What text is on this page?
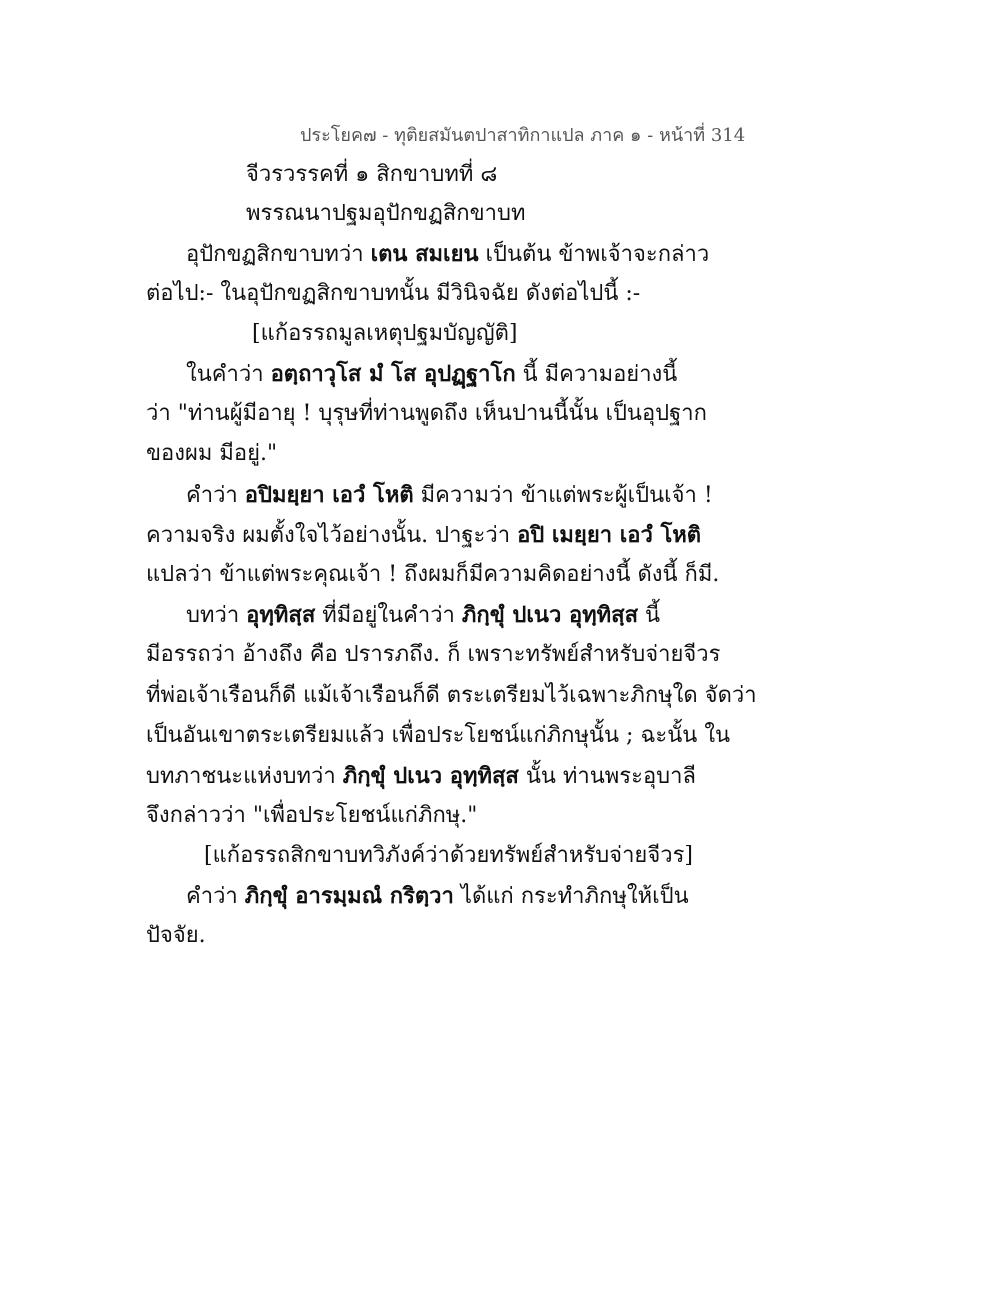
ประโยค๗ - ทุติยสมันตปาสาทิกาแปล ภาค ๑ - หน้าที่ 314
จีวรวรรคที่ ๑ สิกขาบทที่ ๘
พรรณนาปฐมอุปักขฏสิกขาบท
อุปักขฏสิกขาบทว่า เตน สมเยน เป็นต้น ข้าพเจ้าจะกล่าว
ต่อไป:- ในอุปักขฏสิกขาบทนั้น มีวินิจฉัย ดังต่อไปนี้ :-
[แก้อรรถมูลเหตุปฐมบัญญัติ]
ในคำว่า อตฺถาวุโส มํ โส อุปฏฺฐาโก นี้ มีความอย่างนี้
ว่า "ท่านผู้มีอายุ ! บุรุษที่ท่านพูดถึง เห็นปานนี้นั้น เป็นอุปฐาก
ของผม มีอยู่."
คำว่า อปิมยฺยา เอวํ โหติ มีความว่า ข้าแต่พระผู้เป็นเจ้า !
ความจริง ผมตั้งใจไว้อย่างนั้น. ปาฐะว่า อปิ เมยฺยา เอวํ โหติ
แปลว่า ข้าแต่พระคุณเจ้า ! ถึงผมก็มีความคิดอย่างนี้ ดังนี้ ก็มี.
บทว่า อุทฺทิสฺส ที่มีอยู่ในคำว่า ภิกฺขุํ ปเนว อุทฺทิสฺส นี้
มีอรรถว่า อ้างถึง คือ ปรารภถึง. ก็ เพราะทรัพย์สำหรับจ่ายจีวร
ที่พ่อเจ้าเรือนก็ดี แม้เจ้าเรือนก็ดี ตระเตรียมไว้เฉพาะภิกษุใด จัดว่า
เป็นอันเขาตระเตรียมแล้ว เพื่อประโยชน์แก่ภิกษุนั้น ; ฉะนั้น ใน
บทภาชนะแห่งบทว่า ภิกฺขุํ ปเนว อุทฺทิสฺส นั้น ท่านพระอุบาลี
จึงกล่าวว่า "เพื่อประโยชน์แก่ภิกษุ."
[แก้อรรถสิกขาบทวิภังค์ว่าด้วยทรัพย์สำหรับจ่ายจีวร]
คำว่า ภิกฺขุํ อารมฺมณํ กริตฺวา ได้แก่ กระทำภิกษุให้เป็น
ปัจจัย.
